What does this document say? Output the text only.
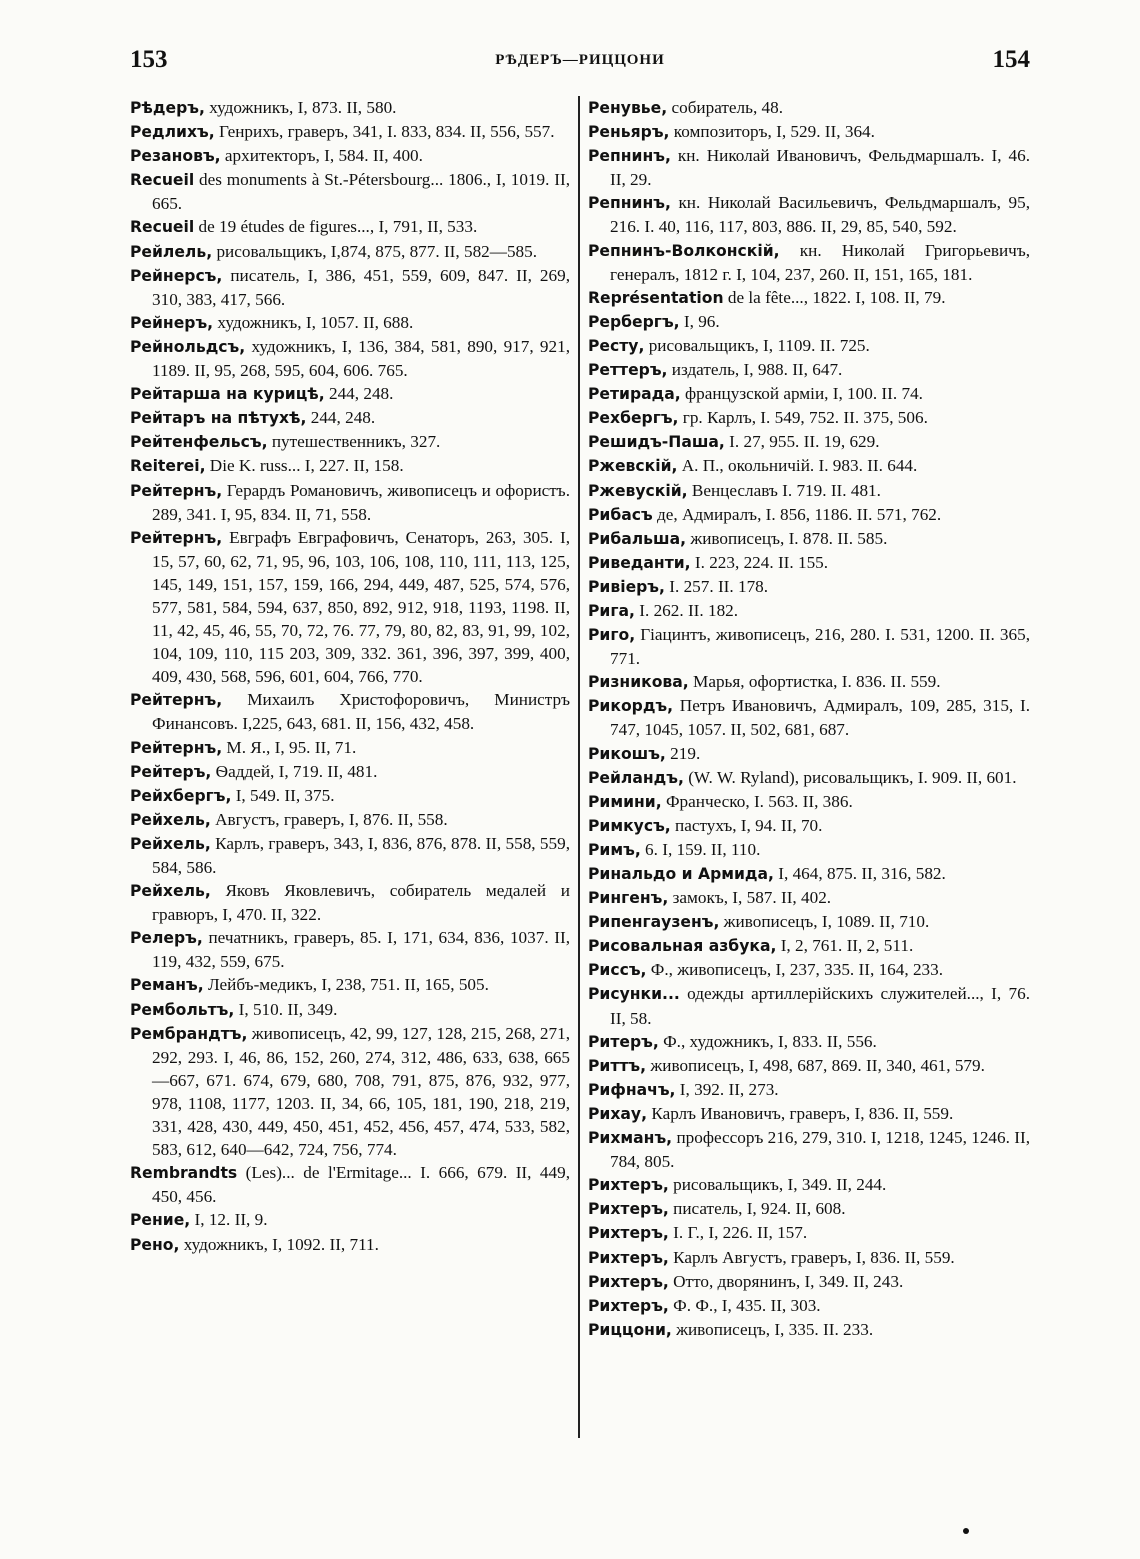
153	РѢДЕРЪ—РИЦЦОНИ	154

Рѣдеръ, художникъ, I, 873. II, 580.

Редлихъ, Генрихъ, граверъ, 341, I. 833, 834. II, 556, 557.

Резановъ, архитекторъ, I, 584. II, 400.

Recueil des monuments à St.-Pétersbourg... 1806., I, 1019. II, 665.

Recueil de 19 études de figures..., I, 791, II, 533.

Рейлель, рисовальщикъ, I,874, 875, 877. II, 582—585.

Рейнерсъ, писатель, I, 386, 451, 559, 609, 847. II, 269, 310, 383, 417, 566.

Рейнеръ, художникъ, I, 1057. II, 688.

Рейнольдсъ, художникъ, I, 136, 384, 581, 890, 917, 921, 1189. II, 95, 268, 595, 604, 606. 765.

Рейтарша на курицѣ, 244, 248.

Рейтаръ на пѣтухѣ, 244, 248.

Рейтенфельсъ, путешественникъ, 327.

Reiterei, Die K. russ... I, 227. II, 158.

Рейтернъ, Герардъ Романовичъ, живописецъ и офористъ. 289, 341. I, 95, 834. II, 71, 558.

Рейтернъ, Евграфъ Евграфовичъ, Сенаторъ, 263, 305. I, 15, 57, 60, 62, 71, 95, 96, 103, 106, 108, 110, 111, 113, 125, 145, 149, 151, 157, 159, 166, 294, 449, 487, 525, 574, 576, 577, 581, 584, 594, 637, 850, 892, 912, 918, 1193, 1198. II, 11, 42, 45, 46, 55, 70, 72, 76. 77, 79, 80, 82, 83, 91, 99, 102, 104, 109, 110, 115 203, 309, 332. 361, 396, 397, 399, 400, 409, 430, 568, 596, 601, 604, 766, 770.

Рейтернъ, Михаилъ Христофоровичъ, Министръ Финансовъ. I,225, 643, 681. II, 156, 432, 458.

Рейтернъ, М. Я., I, 95. II, 71.

Рейтеръ, Ѳаддей, I, 719. II, 481.

Рейхбергъ, I, 549. II, 375.

Рейхель, Августъ, граверъ, I, 876. II, 558.

Рейхель, Карлъ, граверъ, 343, I, 836, 876, 878. II, 558, 559, 584, 586.

Рейхель, Яковъ Яковлевичъ, собиратель медалей и гравюръ, I, 470. II, 322.

Релеръ, печатникъ, граверъ, 85. I, 171, 634, 836, 1037. II, 119, 432, 559, 675.

Реманъ, Лейбъ-медикъ, I, 238, 751. II, 165, 505.

Рембольтъ, I, 510. II, 349.

Рембрандтъ, живописецъ, 42, 99, 127, 128, 215, 268, 271, 292, 293. I, 46, 86, 152, 260, 274, 312, 486, 633, 638, 665—667, 671. 674, 679, 680, 708, 791, 875, 876, 932, 977, 978, 1108, 1177, 1203. II, 34, 66, 105, 181, 190, 218, 219, 331, 428, 430, 449, 450, 451, 452, 456, 457, 474, 533, 582, 583, 612, 640—642, 724, 756, 774.

Rembrandts (Les)... de l'Ermitage... I. 666, 679. II, 449, 450, 456.

Рение, I, 12. II, 9.

Рено, художникъ, I, 1092. II, 711.

Ренувье, собиратель, 48.

Реньяръ, композиторъ, I, 529. II, 364.

Репнинъ, кн. Николай Ивановичъ, Фельдмаршалъ. I, 46. II, 29.

Репнинъ, кн. Николай Васильевичъ, Фельдмаршалъ, 95, 216. I. 40, 116, 117, 803, 886. II, 29, 85, 540, 592.

Репнинъ-Волконскій, кн. Николай Григорьевичъ, генералъ, 1812 г. I, 104, 237, 260. II, 151, 165, 181.

Représentation de la fête..., 1822. I, 108. II, 79.

Рербергъ, I, 96.

Ресту, рисовальщикъ, I, 1109. II. 725.

Реттеръ, издатель, I, 988. II, 647.

Ретирада, французской арміи, I, 100. II. 74.

Рехбергъ, гр. Карлъ, I. 549, 752. II. 375, 506.

Решидъ-Паша, I. 27, 955. II. 19, 629.

Ржевскій, А. П., окольничій. I. 983. II. 644.

Ржевускій, Венцеславъ I. 719. II. 481.

Рибасъ де, Адмиралъ, I. 856, 1186. II. 571, 762.

Рибальша, живописецъ, I. 878. II. 585.

Риведанти, I. 223, 224. II. 155.

Ривіеръ, I. 257. II. 178.

Рига, I. 262. II. 182.

Риго, Гіацинтъ, живописецъ, 216, 280. I. 531, 1200. II. 365, 771.

Ризникова, Марья, офортистка, I. 836. II. 559.

Рикордъ, Петръ Ивановичъ, Адмиралъ, 109, 285, 315, I. 747, 1045, 1057. II, 502, 681, 687.

Рикошъ, 219.

Рейландъ, (W. W. Ryland), рисовальщикъ, I. 909. II, 601.

Римини, Франческо, I. 563. II, 386.

Римкусъ, пастухъ, I, 94. II, 70.

Римъ, 6. I, 159. II, 110.

Ринальдо и Армида, I, 464, 875. II, 316, 582.

Рингенъ, замокъ, I, 587. II, 402.

Рипенгаузенъ, живописецъ, I, 1089. II, 710.

Рисовальная азбука, I, 2, 761. II, 2, 511.

Риссъ, Ф., живописецъ, I, 237, 335. II, 164, 233.

Рисунки... одежды артиллерійскихъ служителей..., I, 76. II, 58.

Ритеръ, Ф., художникъ, I, 833. II, 556.

Риттъ, живописецъ, I, 498, 687, 869. II, 340, 461, 579.

Рифначъ, I, 392. II, 273.

Рихау, Карлъ Ивановичъ, граверъ, I, 836. II, 559.

Рихманъ, профессоръ 216, 279, 310. I, 1218, 1245, 1246. II, 784, 805.

Рихтеръ, рисовальщикъ, I, 349. II, 244.

Рихтеръ, писатель, I, 924. II, 608.

Рихтеръ, I. Г., I, 226. II, 157.

Рихтеръ, Карлъ Августъ, граверъ, I, 836. II, 559.

Рихтеръ, Отто, дворянинъ, I, 349. II, 243.

Рихтеръ, Ф. Ф., I, 435. II, 303.

Риццони, живописецъ, I, 335. II. 233.
